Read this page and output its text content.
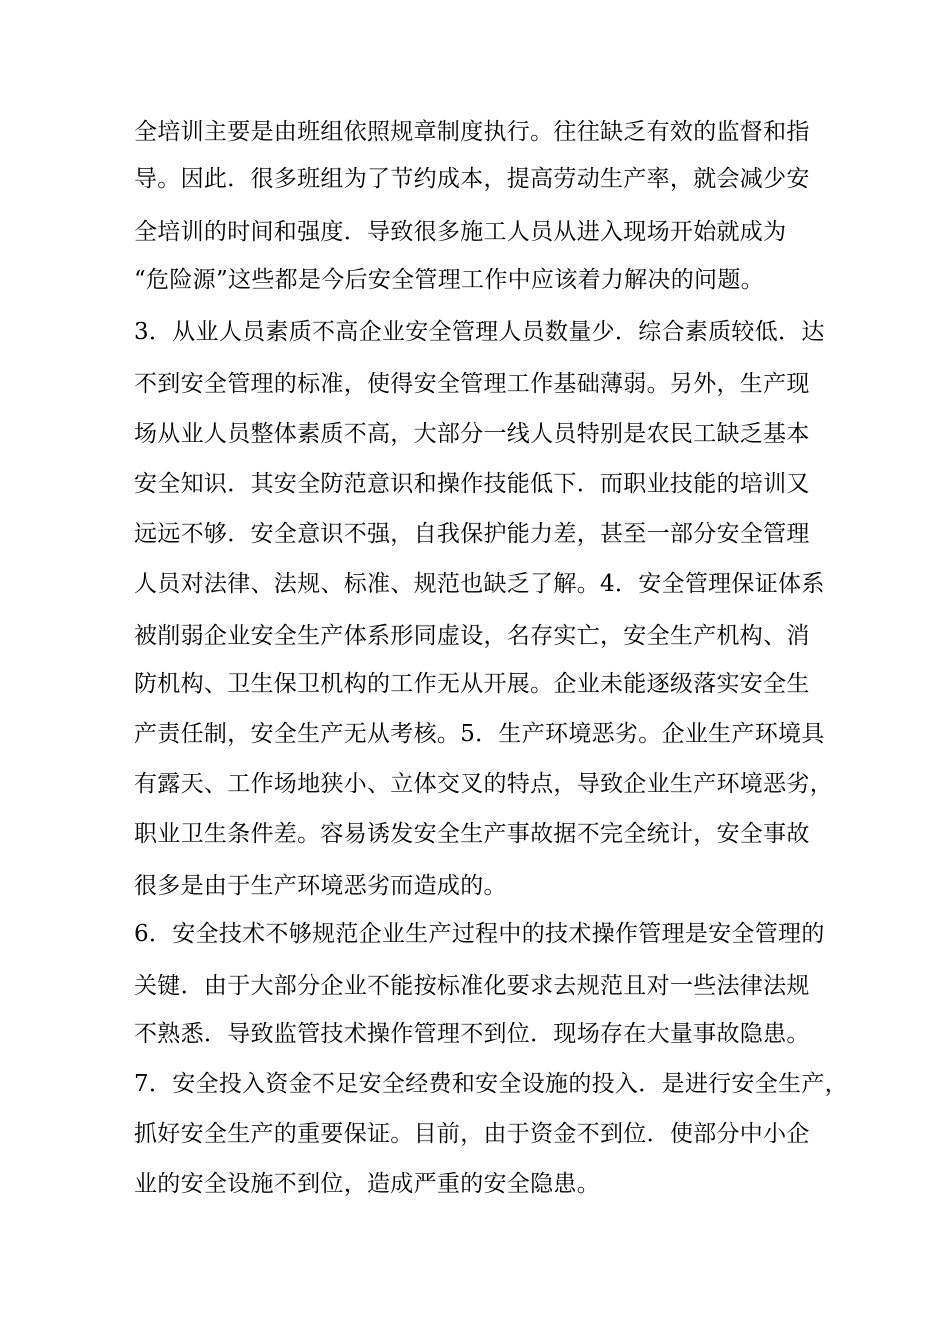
全培训主要是由班组依照规章制度执行。往往缺乏有效的监督和指
导。因此．很多班组为了节约成本，提高劳动生产率，就会减少安
全培训的时间和强度．导致很多施工人员从进入现场开始就成为
“危险源”这些都是今后安全管理工作中应该着力解决的问题。
3．从业人员素质不高企业安全管理人员数量少．综合素质较低．达
不到安全管理的标准，使得安全管理工作基础薄弱。另外，生产现
场从业人员整体素质不高，大部分一线人员特别是农民工缺乏基本
安全知识．其安全防范意识和操作技能低下．而职业技能的培训又
远远不够．安全意识不强，自我保护能力差，甚至一部分安全管理
人员对法律、法规、标准、规范也缺乏了解。4．安全管理保证体系
被削弱企业安全生产体系形同虚设，名存实亡，安全生产机构、消
防机构、卫生保卫机构的工作无从开展。企业未能逐级落实安全生
产责任制，安全生产无从考核。5．生产环境恶劣。企业生产环境具
有露天、工作场地狭小、立体交叉的特点，导致企业生产环境恶劣，
职业卫生条件差。容易诱发安全生产事故据不完全统计，安全事故
很多是由于生产环境恶劣而造成的。
6．安全技术不够规范企业生产过程中的技术操作管理是安全管理的
关键．由于大部分企业不能按标准化要求去规范且对一些法律法规
不熟悉．导致监管技术操作管理不到位．现场存在大量事故隐患。
7．安全投入资金不足安全经费和安全设施的投入．是进行安全生产，
抓好安全生产的重要保证。目前，由于资金不到位．使部分中小企
业的安全设施不到位，造成严重的安全隐患。
